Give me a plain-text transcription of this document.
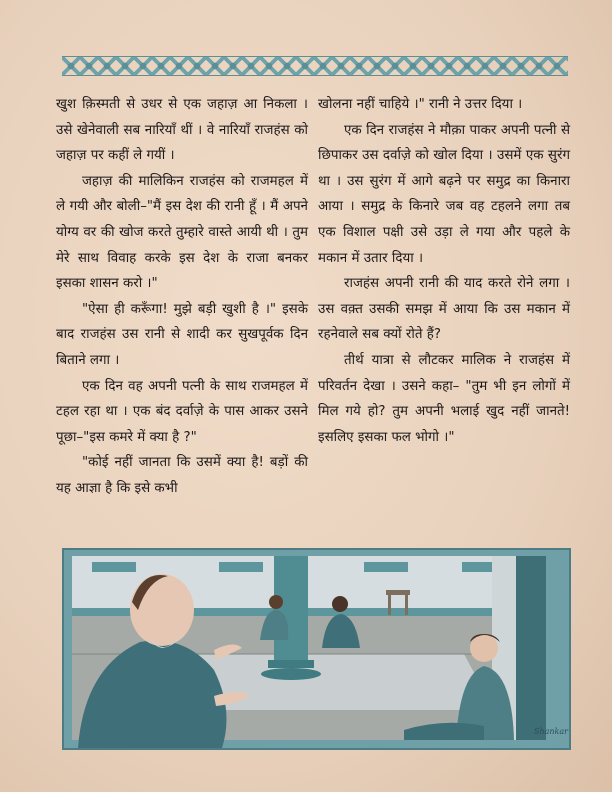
खुश क़िस्मती से उधर से एक जहाज़ आ निकला । उसे खेनेवाली सब नारियाँ थीं । वे नारियाँ राजहंस को जहाज़ पर कहीं ले गयीं ।

जहाज़ की मालिकिन राजहंस को राजमहल में ले गयी और बोली–"मैं इस देश की रानी हूँ । मैं अपने योग्य वर की खोज करते तुम्हारे वास्ते आयी थी । तुम मेरे साथ विवाह करके इस देश के राजा बनकर इसका शासन करो ।"

"ऐसा ही करूँगा! मुझे बड़ी खुशी है ।" इसके बाद राजहंस उस रानी से शादी कर सुखपूर्वक दिन बिताने लगा ।

एक दिन वह अपनी पत्नी के साथ राजमहल में टहल रहा था । एक बंद दर्वाज़े के पास आकर उसने पूछा–"इस कमरे में क्या है ?"

"कोई नहीं जानता कि उसमें क्या है! बड़ों की यह आज्ञा है कि इसे कभी

खोलना नहीं चाहिये ।" रानी ने उत्तर दिया ।

एक दिन राजहंस ने मौक़ा पाकर अपनी पत्नी से छिपाकर उस दर्वाज़े को खोल दिया । उसमें एक सुरंग था । उस सुरंग में आगे बढ़ने पर समुद्र का किनारा आया । समुद्र के किनारे जब वह टहलने लगा तब एक विशाल पक्षी उसे उड़ा ले गया और पहले के मकान में उतार दिया ।

राजहंस अपनी रानी की याद करते रोने लगा । उस वक़्त उसकी समझ में आया कि उस मकान में रहनेवाले सब क्यों रोते हैं?

तीर्थ यात्रा से लौटकर मालिक ने राजहंस में परिवर्तन देखा । उसने कहा– "तुम भी इन लोगों में मिल गये हो? तुम अपनी भलाई खुद नहीं जानते! इसलिए इसका फल भोगो ।"

Shankar
